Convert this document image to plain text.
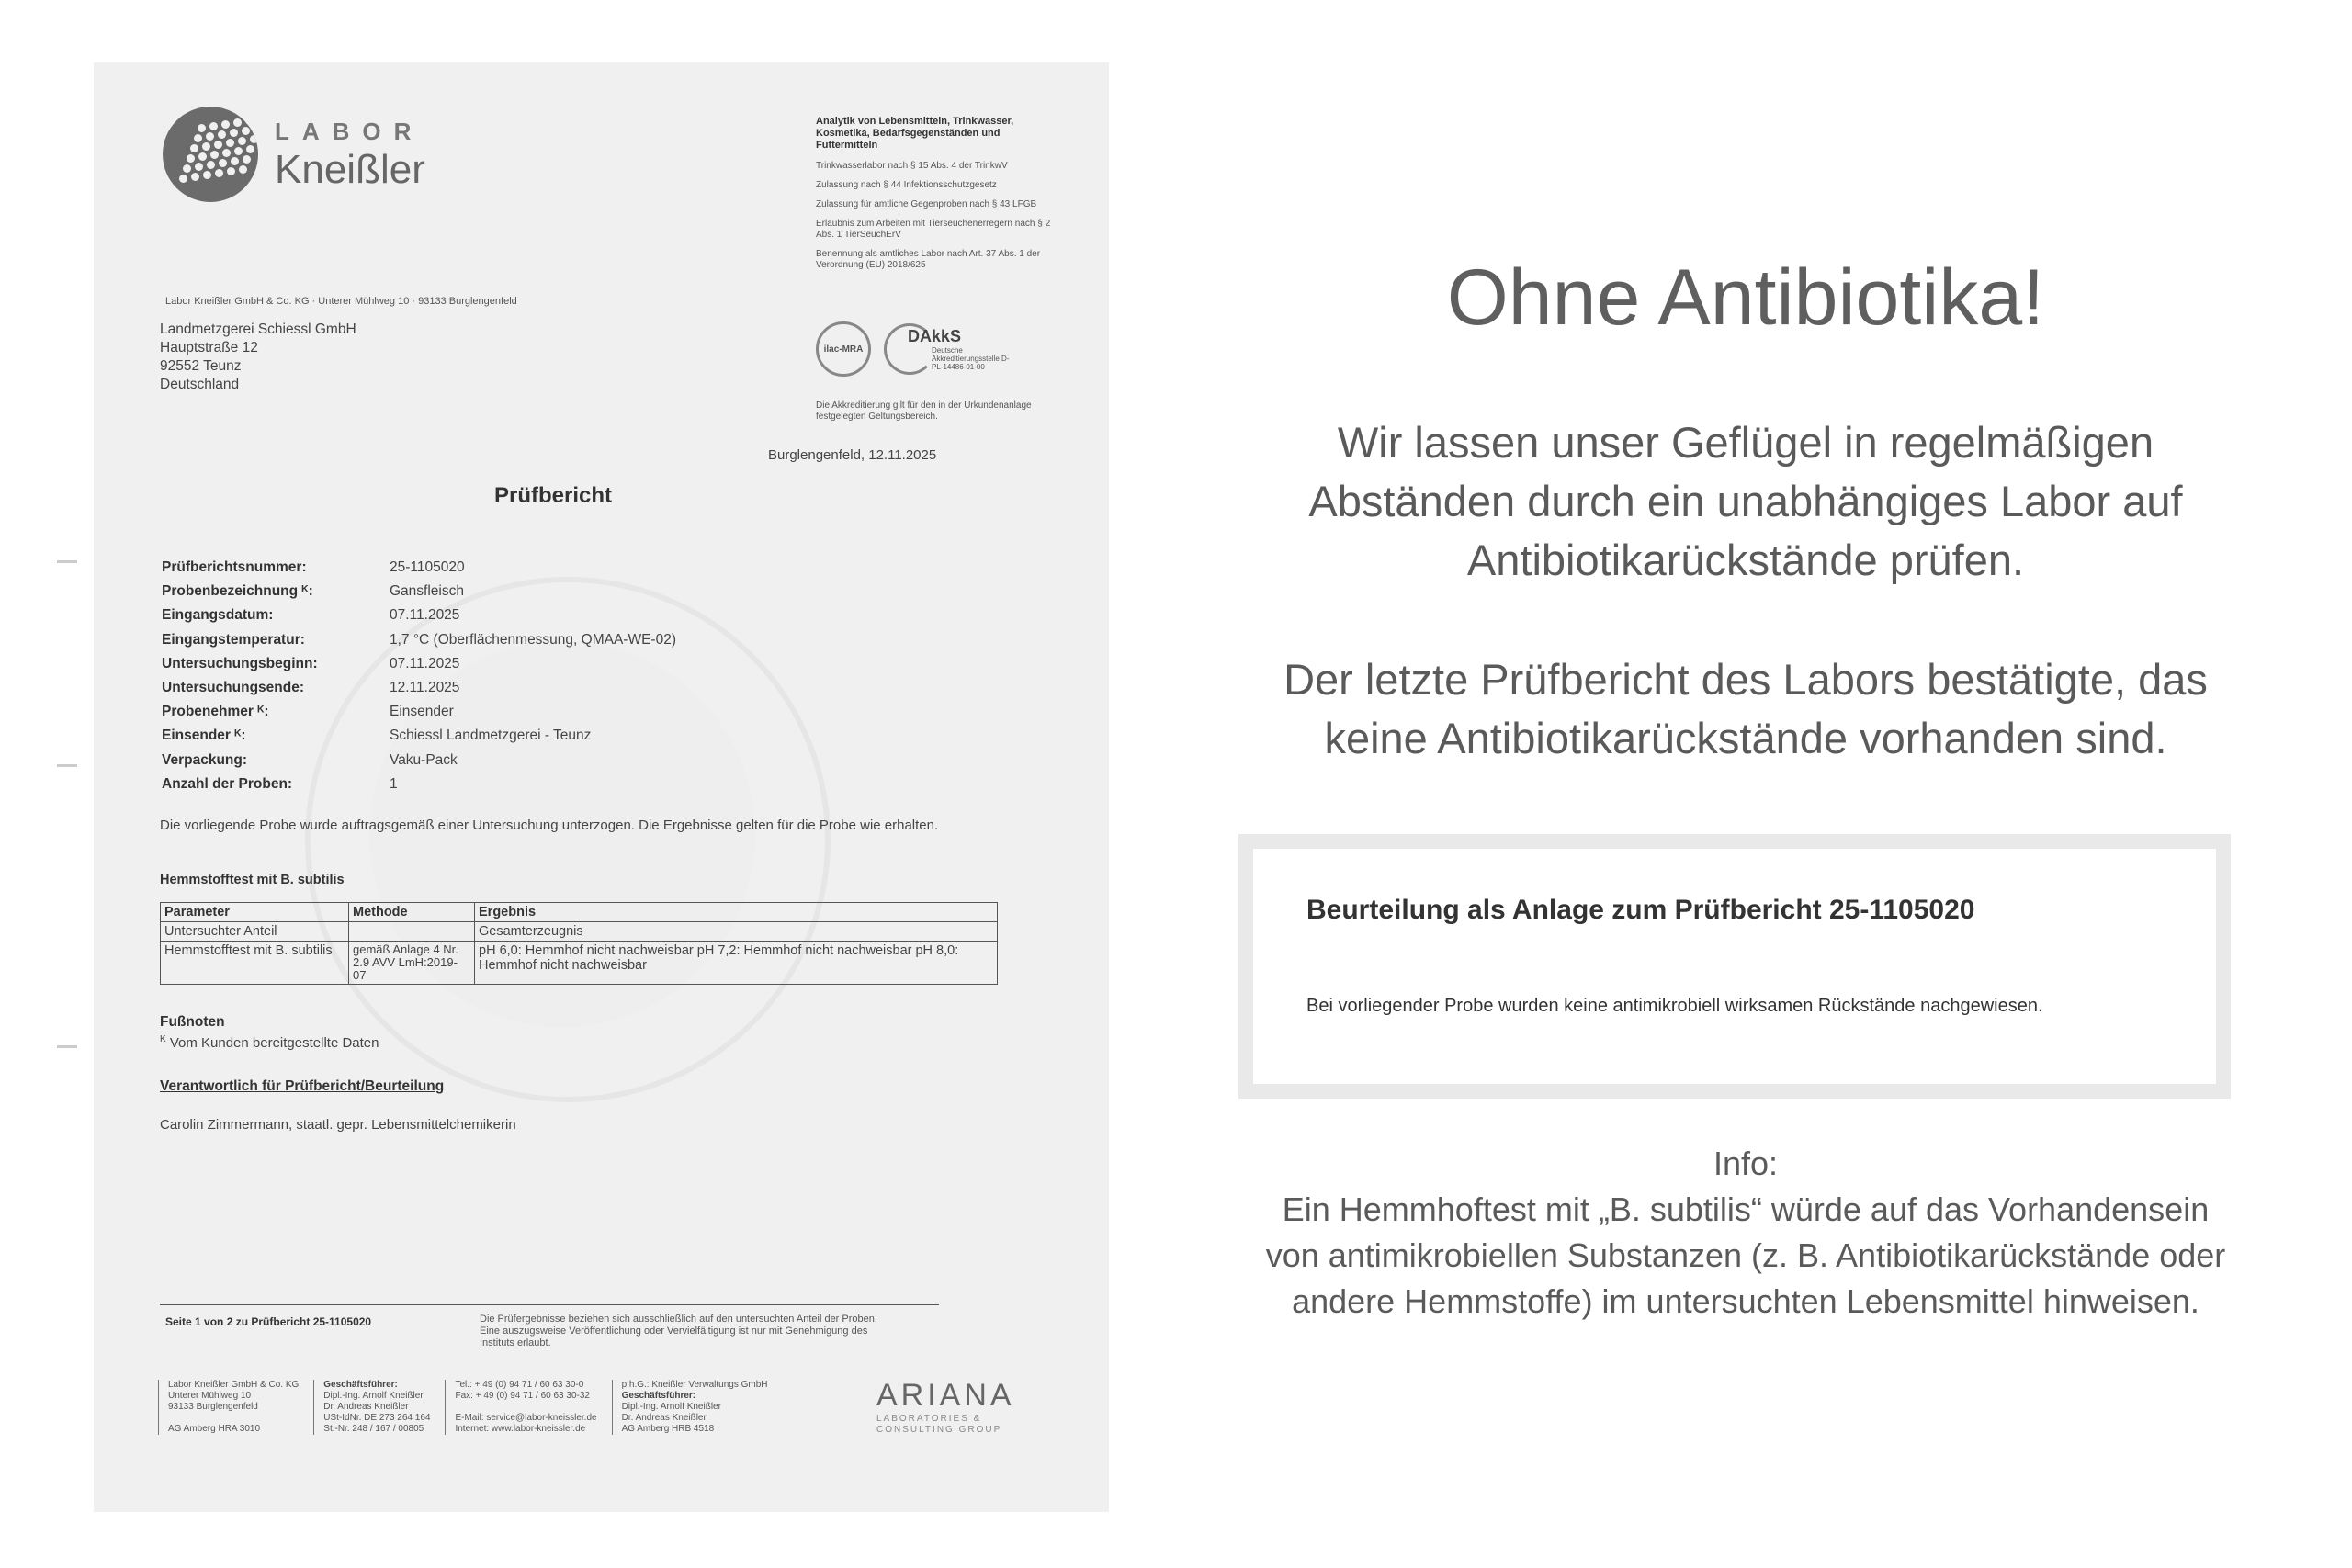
LABOR
Kneißler
Analytik von Lebensmitteln, Trinkwasser, Kosmetika, Bedarfsgegenständen und Futtermitteln
Trinkwasserlabor nach § 15 Abs. 4 der TrinkwV
Zulassung nach § 44 Infektionsschutzgesetz
Zulassung für amtliche Gegenproben nach § 43 LFGB
Erlaubnis zum Arbeiten mit Tierseuchenerregern nach § 2 Abs. 1 TierSeuchErV
Benennung als amtliches Labor nach Art. 37 Abs. 1 der Verordnung (EU) 2018/625
ilac-MRA
DAkkS
Deutsche Akkreditierungsstelle D-PL-14486-01-00
Die Akkreditierung gilt für den in der Urkundenanlage festgelegten Geltungsbereich.
Labor Kneißler GmbH & Co. KG · Unterer Mühlweg 10 · 93133 Burglengenfeld
Landmetzgerei Schiessl GmbH
Hauptstraße 12
92552 Teunz
Deutschland
Burglengenfeld, 12.11.2025
Prüfbericht
Prüfberichtsnummer:	25-1105020
Probenbezeichnung ᴷ:	Gansfleisch
Eingangsdatum:	07.11.2025
Eingangstemperatur:	1,7 °C (Oberflächenmessung, QMAA-WE-02)
Untersuchungsbeginn:	07.11.2025
Untersuchungsende:	12.11.2025
Probenehmer ᴷ:	Einsender
Einsender ᴷ:	Schiessl Landmetzgerei - Teunz
Verpackung:	Vaku-Pack
Anzahl der Proben:	1
Die vorliegende Probe wurde auftragsgemäß einer Untersuchung unterzogen. Die Ergebnisse gelten für die Probe wie erhalten.
Hemmstofftest mit B. subtilis
Parameter	Methode	Ergebnis
Untersuchter Anteil		Gesamterzeugnis
Hemmstofftest mit B. subtilis	gemäß Anlage 4 Nr. 2.9 AVV LmH:2019-07	pH 6,0: Hemmhof nicht nachweisbar pH 7,2: Hemmhof nicht nachweisbar pH 8,0: Hemmhof nicht nachweisbar
Fußnoten
$^K$ Vom Kunden bereitgestellte Daten
Verantwortlich für Prüfbericht/Beurteilung
Carolin Zimmermann, staatl. gepr. Lebensmittelchemikerin
Seite 1 von 2 zu Prüfbericht 25-1105020	Die Prüfergebnisse beziehen sich ausschließlich auf den untersuchten Anteil der Proben. Eine auszugsweise Veröffentlichung oder Vervielfältigung ist nur mit Genehmigung des Instituts erlaubt.
Labor Kneißler GmbH & Co. KG
Unterer Mühlweg 10
93133 Burglengenfeld
AG Amberg HRA 3010
Geschäftsführer:
Dipl.-Ing. Arnolf Kneißler
Dr. Andreas Kneißler
USt-IdNr. DE 273 264 164
St.-Nr. 248 / 167 / 00805
Tel.: + 49 (0) 94 71 / 60 63 30-0
Fax: + 49 (0) 94 71 / 60 63 30-32
E-Mail: service@labor-kneissler.de
Internet: www.labor-kneissler.de
p.h.G.: Kneißler Verwaltungs GmbH
Geschäftsführer:
Dipl.-Ing. Arnolf Kneißler
Dr. Andreas Kneißler
AG Amberg HRB 4518
ARIANA
LABORATORIES &
CONSULTING GROUP
Ohne Antibiotika!

Wir lassen unser Geflügel in regelmäßigen
Abständen durch ein unabhängiges Labor auf
Antibiotikarückstände prüfen.

Der letzte Prüfbericht des Labors bestätigte, das
keine Antibiotikarückstände vorhanden sind.

Beurteilung als Anlage zum Prüfbericht 25-1105020
Bei vorliegender Probe wurden keine antimikrobiell wirksamen Rückstände nachgewiesen.

Info:
Ein Hemmhoftest mit „B. subtilis“ würde auf das Vorhandensein
von antimikrobiellen Substanzen (z. B. Antibiotikarückstände oder
andere Hemmstoffe) im untersuchten Lebensmittel hinweisen.
